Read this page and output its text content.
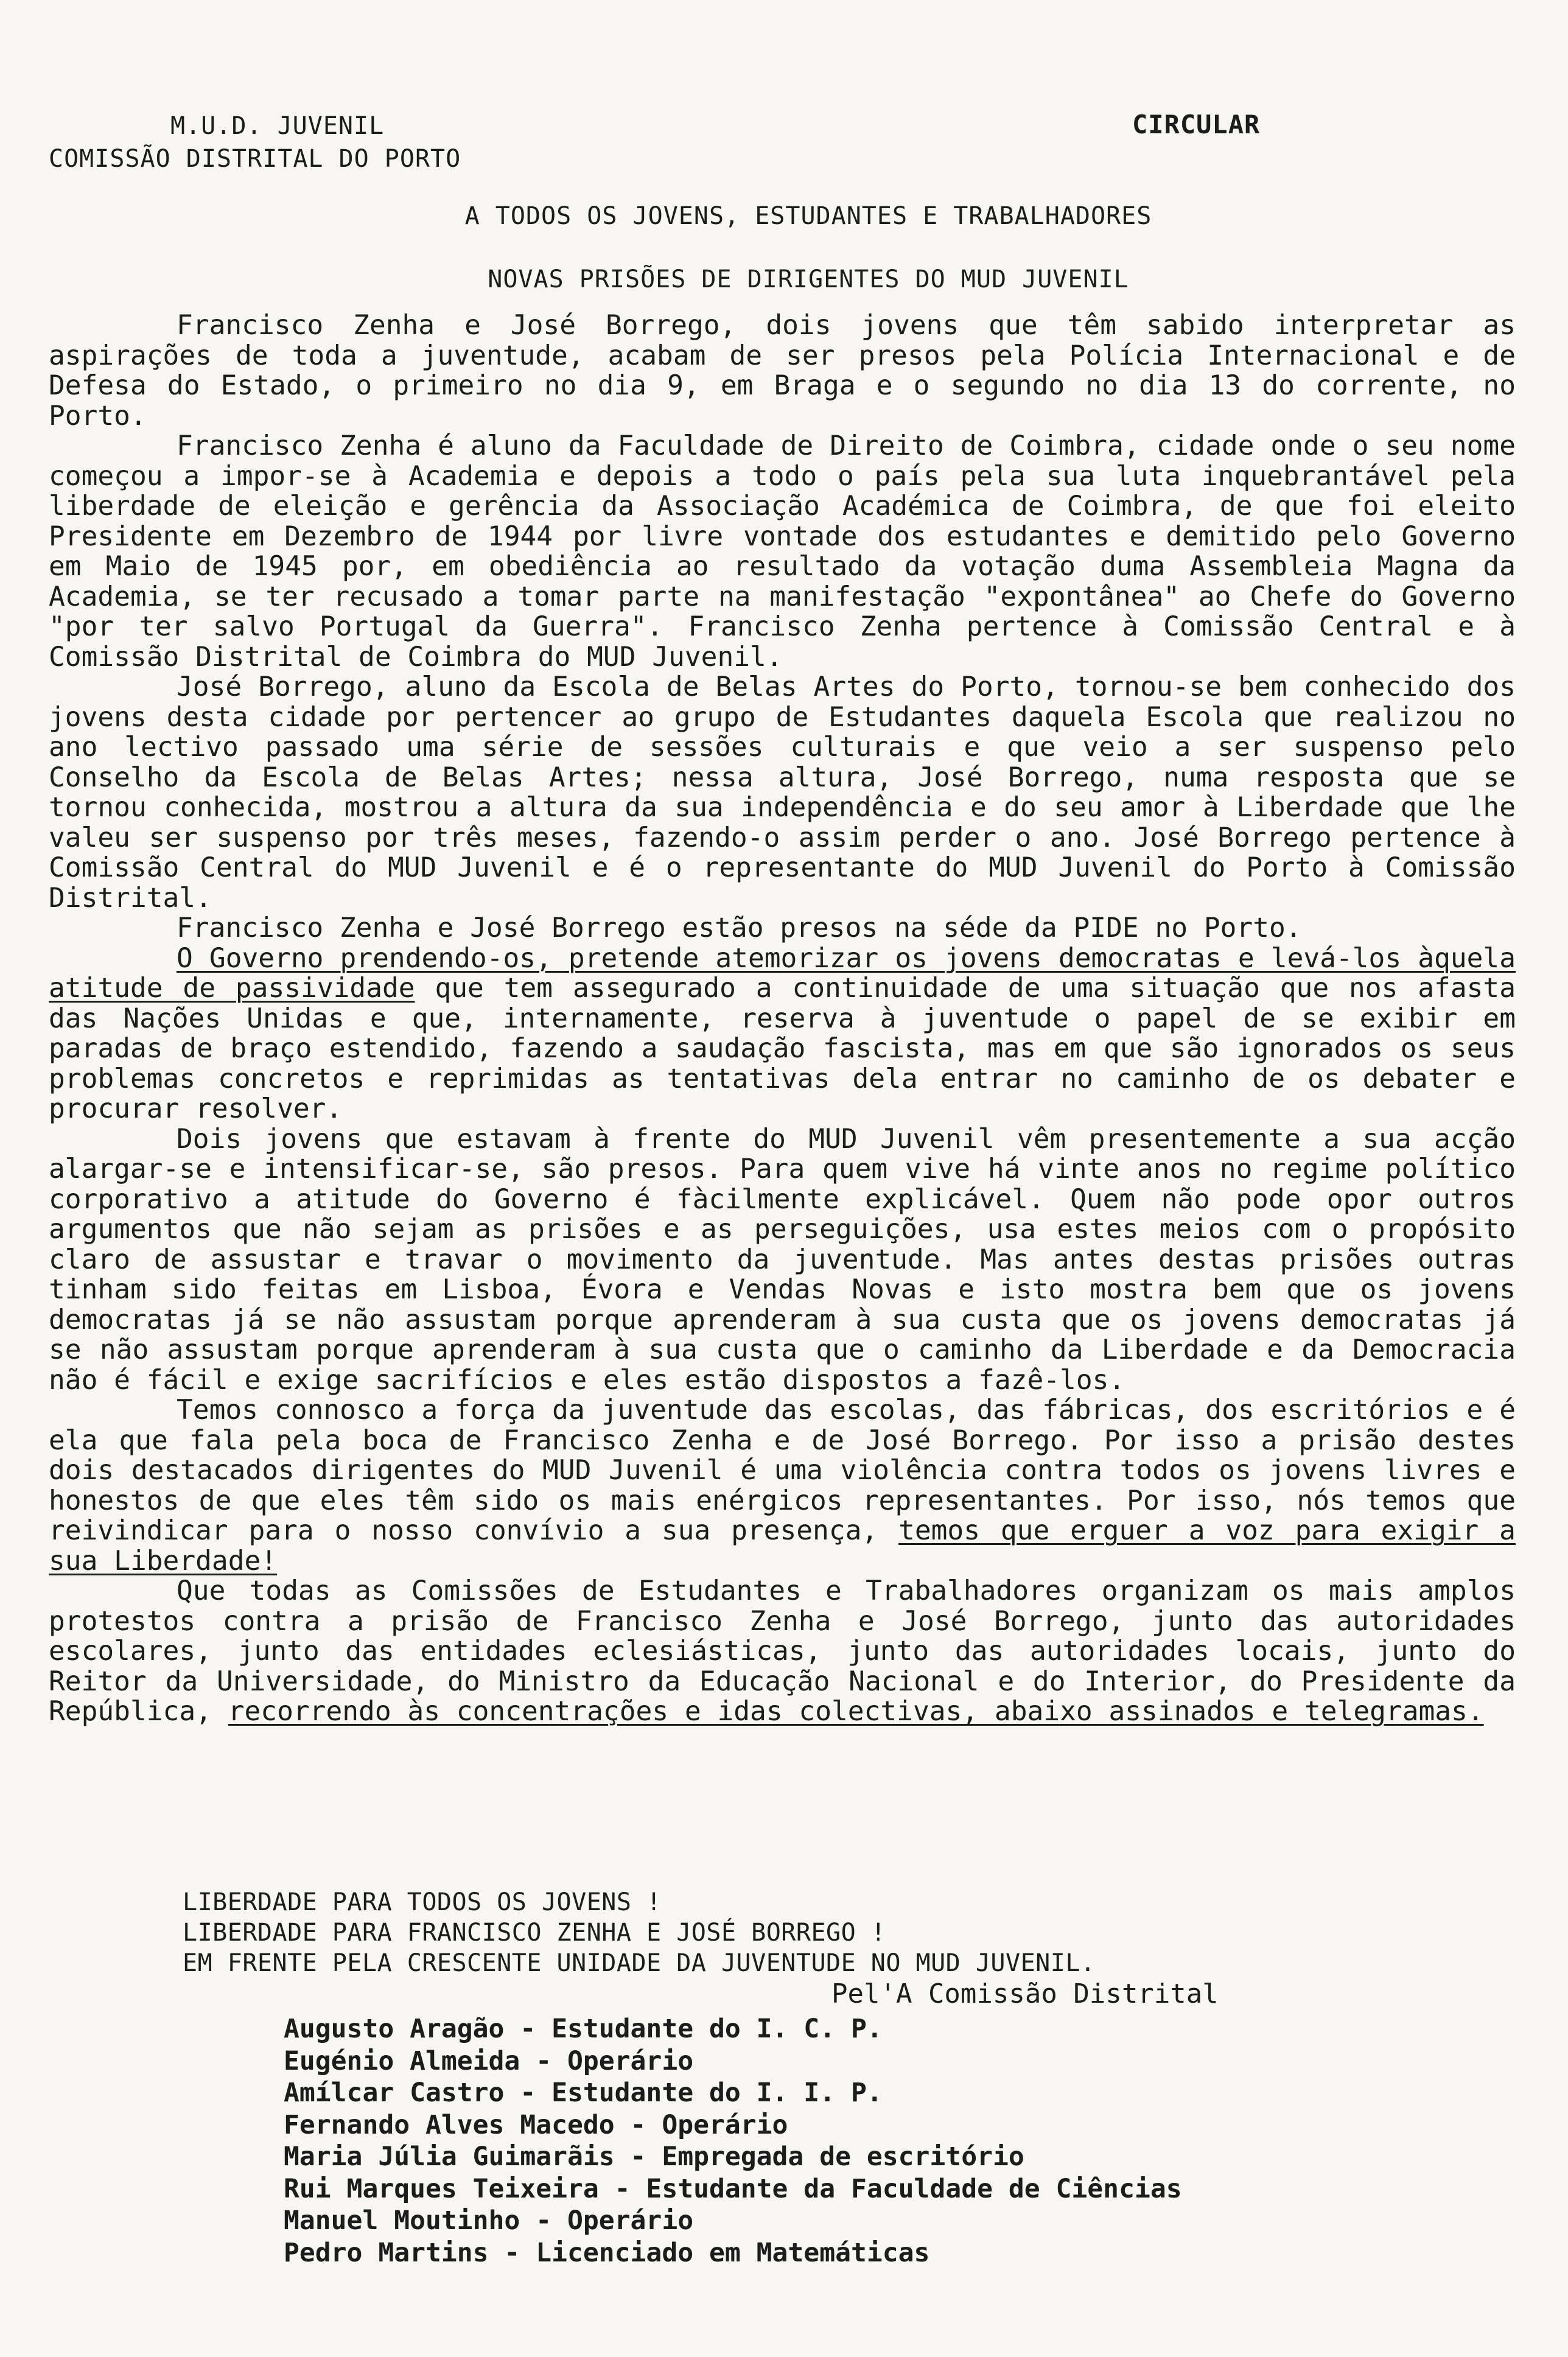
M.U.D. JUVENIL
COMISSÃO DISTRITAL DO PORTO
CIRCULAR
A TODOS OS JOVENS, ESTUDANTES E TRABALHADORES
NOVAS PRISÕES DE DIRIGENTES DO MUD JUVENIL

Francisco Zenha e José Borrego, dois jovens que têm sabido interpretar as aspirações de toda a juventude, acabam de ser presos pela Polícia Internacional e de Defesa do Estado, o primeiro no dia 9, em Braga e o segundo no dia 13 do corrente, no Porto.

Francisco Zenha é aluno da Faculdade de Direito de Coimbra, cidade onde o seu nome começou a impor-se à Academia e depois a todo o país pela sua luta inquebrantável pela liberdade de eleição e gerência da Associação Académica de Coimbra, de que foi eleito Presidente em Dezembro de 1944 por livre vontade dos estudantes e demitido pelo Governo em Maio de 1945 por, em obediência ao resultado da votação duma Assembleia Magna da Academia, se ter recusado a tomar parte na manifestação "expontânea" ao Chefe do Governo "por ter salvo Portugal da Guerra". Francisco Zenha pertence à Comissão Central e à Comissão Distrital de Coimbra do MUD Juvenil.

José Borrego, aluno da Escola de Belas Artes do Porto, tornou-se bem conhecido dos jovens desta cidade por pertencer ao grupo de Estudantes daquela Escola que realizou no ano lectivo passado uma série de sessões culturais e que veio a ser suspenso pelo Conselho da Escola de Belas Artes; nessa altura, José Borrego, numa resposta que se tornou conhecida, mostrou a altura da sua independência e do seu amor à Liberdade que lhe valeu ser suspenso por três meses, fazendo-o assim perder o ano. José Borrego pertence à Comissão Central do MUD Juvenil e é o representante do MUD Juvenil do Porto à Comissão Distrital.

Francisco Zenha e José Borrego estão presos na séde da PIDE no Porto.

O Governo prendendo-os, pretende atemorizar os jovens democratas e levá-los àquela atitude de passividade que tem assegurado a continuidade de uma situação que nos afasta das Nações Unidas e que, internamente, reserva à juventude o papel de se exibir em paradas de braço estendido, fazendo a saudação fascista, mas em que são ignorados os seus problemas concretos e reprimidas as tentativas dela entrar no caminho de os debater e procurar resolver.

Dois jovens que estavam à frente do MUD Juvenil vêm presentemente a sua acção alargar-se e intensificar-se, são presos. Para quem vive há vinte anos no regime político corporativo a atitude do Governo é fàcilmente explicável. Quem não pode opor outros argumentos que não sejam as prisões e as perseguições, usa estes meios com o propósito claro de assustar e travar o movimento da juventude. Mas antes destas prisões outras tinham sido feitas em Lisboa, Évora e Vendas Novas e isto mostra bem que os jovens democratas já se não assustam porque aprenderam à sua custa que os jovens democratas já se não assustam porque aprenderam à sua custa que o caminho da Liberdade e da Democracia não é fácil e exige sacrifícios e eles estão dispostos a fazê-los.

Temos connosco a força da juventude das escolas, das fábricas, dos escritórios e é ela que fala pela boca de Francisco Zenha e de José Borrego. Por isso a prisão destes dois destacados dirigentes do MUD Juvenil é uma violência contra todos os jovens livres e honestos de que eles têm sido os mais enérgicos representantes. Por isso, nós temos que reivindicar para o nosso convívio a sua presença, temos que erguer a voz para exigir a sua Liberdade!

Que todas as Comissões de Estudantes e Trabalhadores organizam os mais amplos protestos contra a prisão de Francisco Zenha e José Borrego, junto das autoridades escolares, junto das entidades eclesiásticas, junto das autoridades locais, junto do Reitor da Universidade, do Ministro da Educação Nacional e do Interior, do Presidente da República, recorrendo às concentrações e idas colectivas, abaixo assinados e telegramas.

LIBERDADE PARA TODOS OS JOVENS !
LIBERDADE PARA FRANCISCO ZENHA E JOSÉ BORREGO !
EM FRENTE PELA CRESCENTE UNIDADE DA JUVENTUDE NO MUD JUVENIL.
Pel'A Comissão Distrital
Augusto Aragão - Estudante do I. C. P.
Eugénio Almeida - Operário
Amílcar Castro - Estudante do I. I. P.
Fernando Alves Macedo - Operário
Maria Júlia Guimarãis - Empregada de escritório
Rui Marques Teixeira - Estudante da Faculdade de Ciências
Manuel Moutinho - Operário
Pedro Martins - Licenciado em Matemáticas
